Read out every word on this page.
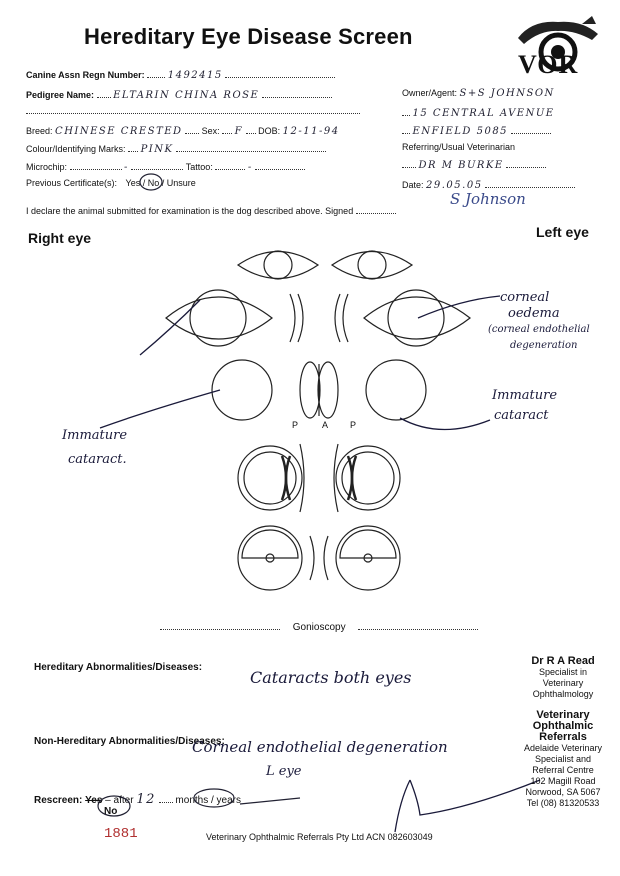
Hereditary Eye Disease Screen
VOR
Canine Assn Regn Number: 1492415
Pedigree Name: ELTARIN CHINA ROSE
Breed: CHINESE CRESTED Sex: F DOB: 12-11-94
Colour/Identifying Marks: PINK
Microchip:	-	Tattoo:	-
Previous Certificate(s): Yes / No / Unsure
Owner/Agent: S+S JOHNSON
15 CENTRAL AVENUE
ENFIELD 5085
Referring/Usual Veterinarian
DR M BURKE
Date: 29.05.05
I declare the animal submitted for examination is the dog described above. Signed
S Johnson
Right eye	Left eye
P	A P
corneal
oedema
(corneal endothelial
degeneration
Immature
cataract
Immature
cataract.
Gonioscopy
Hereditary Abnormalities/Diseases:
Cataracts both eyes
Non-Hereditary Abnormalities/Diseases:
Corneal endothelial degeneration
L eye
Rescreen: Yes – after 12 months / years
No
Dr R A Read
Specialist in
Veterinary
Ophthalmology
Veterinary
Ophthalmic
Referrals
Adelaide Veterinary
Specialist and
Referral Centre
102 Magill Road
Norwood, SA 5067
Tel (08) 81320533
1881	Veterinary Ophthalmic Referrals Pty Ltd ACN 082603049
